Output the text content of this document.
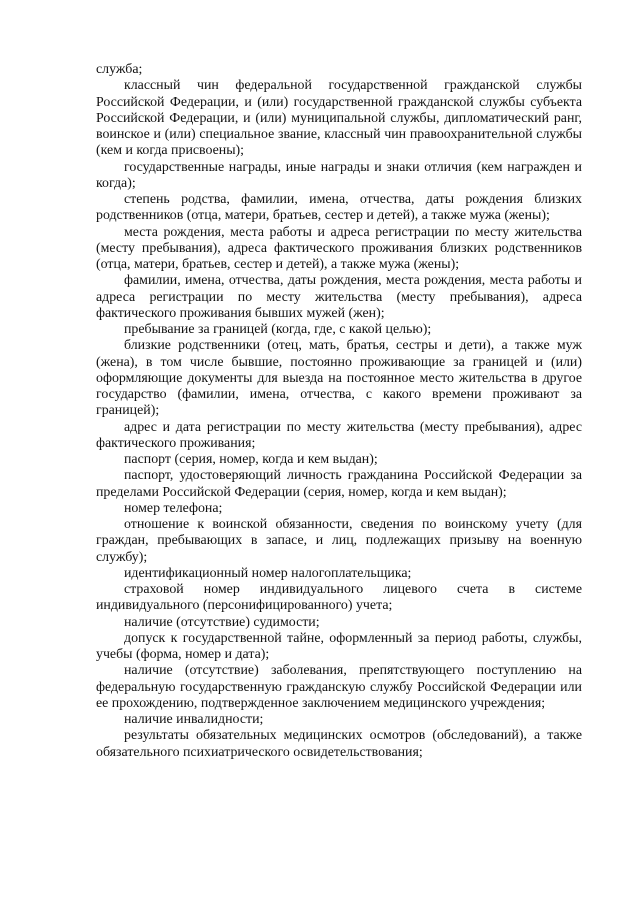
служба;

классный чин федеральной государственной гражданской службы Российской Федерации, и (или) государственной гражданской службы субъекта Российской Федерации, и (или) муниципальной службы, дипломатический ранг, воинское и (или) специальное звание, классный чин правоохранительной службы (кем и когда присвоены);

государственные награды, иные награды и знаки отличия (кем награжден и когда);

степень родства, фамилии, имена, отчества, даты рождения близких родственников (отца, матери, братьев, сестер и детей), а также мужа (жены);

места рождения, места работы и адреса регистрации по месту жительства (месту пребывания), адреса фактического проживания близких родственников (отца, матери, братьев, сестер и детей), а также мужа (жены);

фамилии, имена, отчества, даты рождения, места рождения, места работы и адреса регистрации по месту жительства (месту пребывания), адреса фактического проживания бывших мужей (жен);

пребывание за границей (когда, где, с какой целью);

близкие родственники (отец, мать, братья, сестры и дети), а также муж (жена), в том числе бывшие, постоянно проживающие за границей и (или) оформляющие документы для выезда на постоянное место жительства в другое государство (фамилии, имена, отчества, с какого времени проживают за границей);

адрес и дата регистрации по месту жительства (месту пребывания), адрес фактического проживания;

паспорт (серия, номер, когда и кем выдан);

паспорт, удостоверяющий личность гражданина Российской Федерации за пределами Российской Федерации (серия, номер, когда и кем выдан);

номер телефона;

отношение к воинской обязанности, сведения по воинскому учету (для граждан, пребывающих в запасе, и лиц, подлежащих призыву на военную службу);

идентификационный номер налогоплательщика;

страховой номер индивидуального лицевого счета в системе индивидуального (персонифицированного) учета;

наличие (отсутствие) судимости;

допуск к государственной тайне, оформленный за период работы, службы, учебы (форма, номер и дата);

наличие (отсутствие) заболевания, препятствующего поступлению на федеральную государственную гражданскую службу Российской Федерации или ее прохождению, подтвержденное заключением медицинского учреждения;

наличие инвалидности;

результаты обязательных медицинских осмотров (обследований), а также обязательного психиатрического освидетельствования;
